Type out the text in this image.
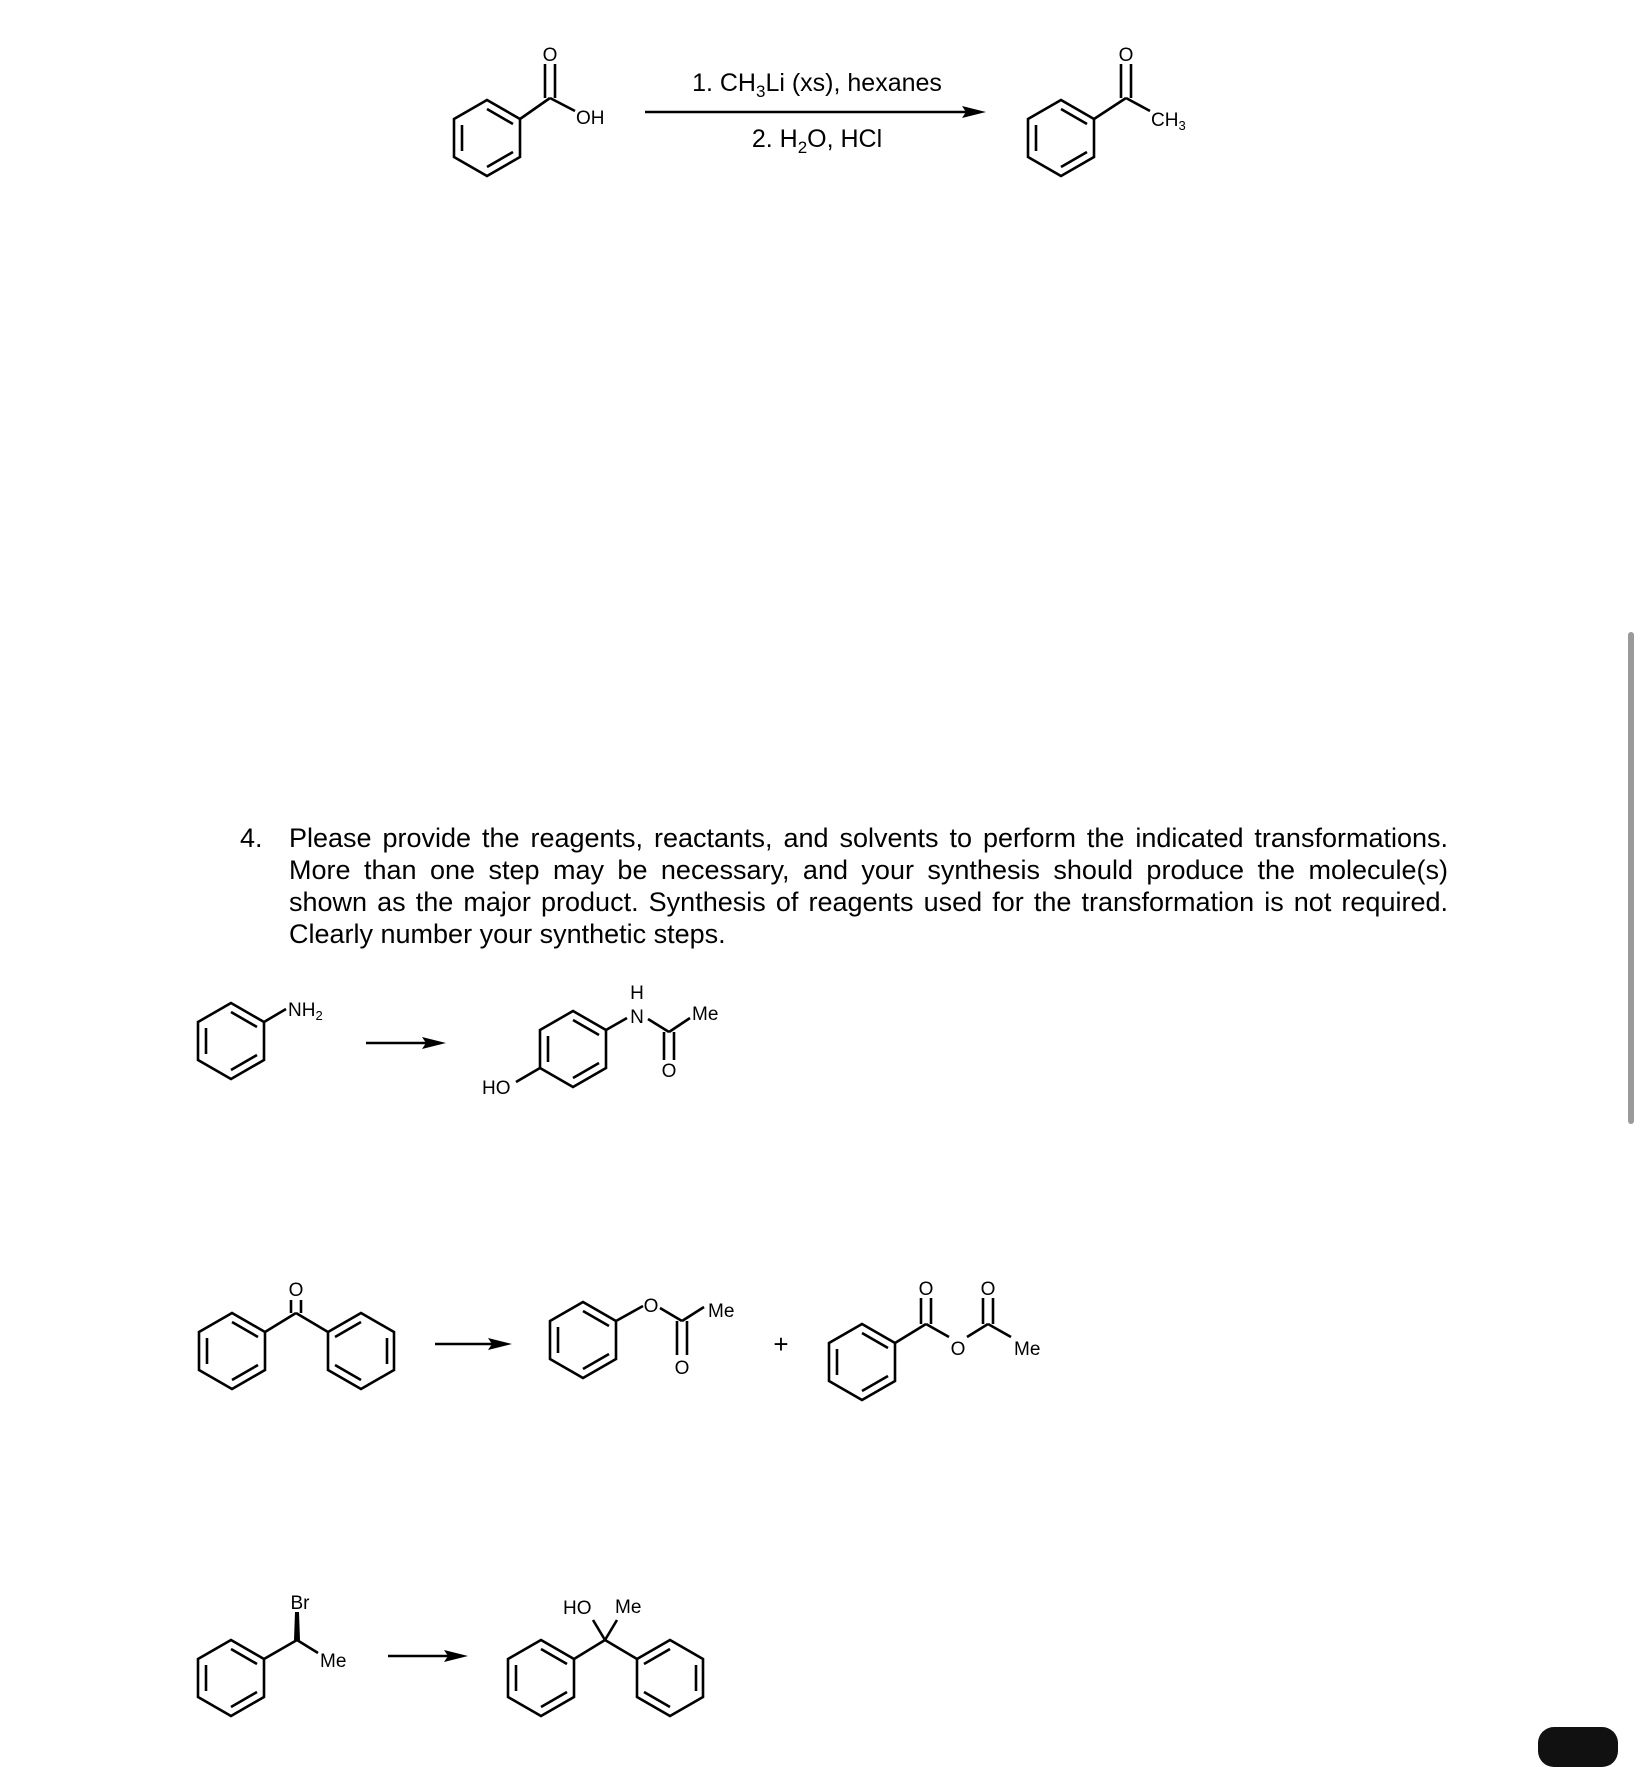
O
OH
1. $CH_3Li$ (xs), hexanes
2. $H_2O$, HCl
O
$CH_3$
$NH_2$
H
N	Me
O
HO
O
O	Me
O
+
O O
O	Me
Br
Me
HO Me
4. Please provide the reagents, reactants, and solvents to perform the indicated transformations. More than one step may be necessary, and your synthesis should produce the molecule(s) shown as the major product. Synthesis of reagents used for the transformation is not required. Clearly number your synthetic steps.
